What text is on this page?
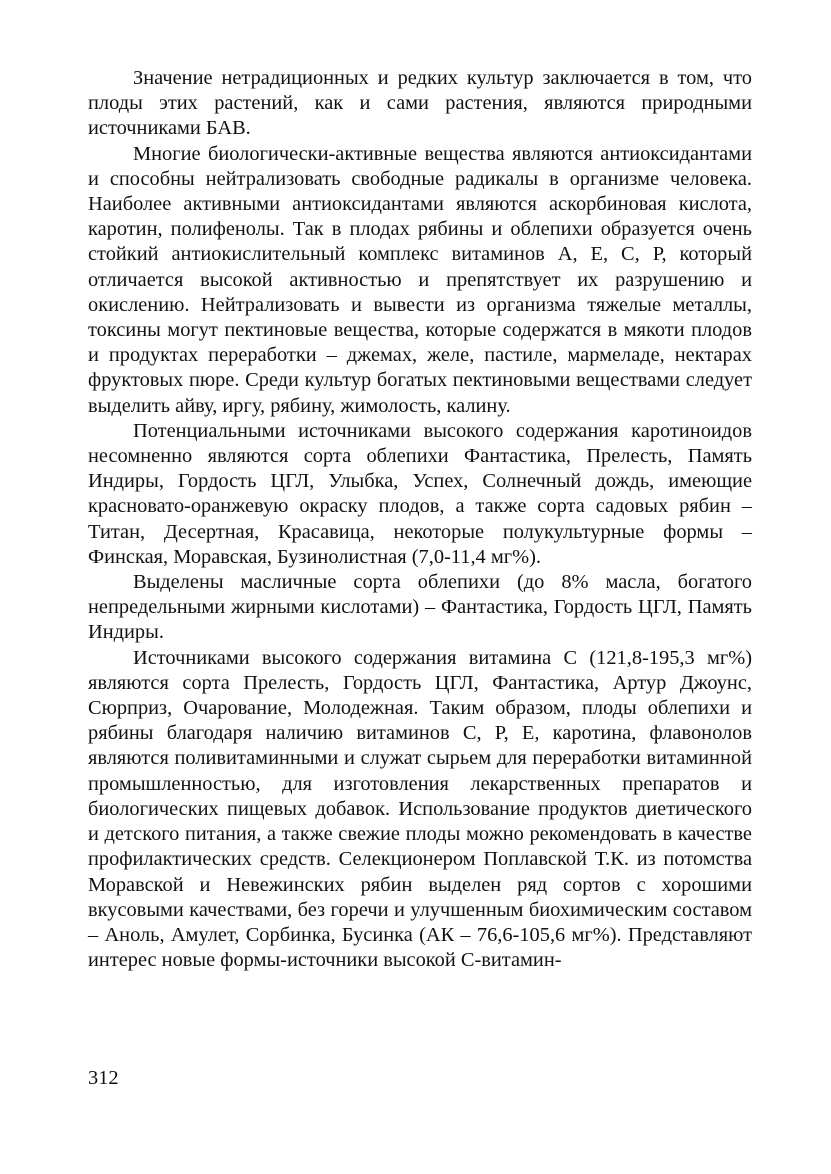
Значение нетрадиционных и редких культур заключается в том, что плоды этих растений, как и сами растения, являются природными источниками БАВ.

Многие биологически-активные вещества являются антиоксидантами и способны нейтрализовать свободные радикалы в организме человека. Наиболее активными антиоксидантами являются аскорбиновая кислота, каротин, полифенолы. Так в плодах рябины и облепихи образуется очень стойкий антиокислительный комплекс витаминов А, Е, С, Р, который отличается высокой активностью и препятствует их разрушению и окислению. Нейтрализовать и вывести из организма тяжелые металлы, токсины могут пектиновые вещества, которые содержатся в мякоти плодов и продуктах переработки – джемах, желе, пастиле, мармеладе, нектарах фруктовых пюре. Среди культур богатых пектиновыми веществами следует выделить айву, иргу, рябину, жимолость, калину.

Потенциальными источниками высокого содержания каротиноидов несомненно являются сорта облепихи Фантастика, Прелесть, Память Индиры, Гордость ЦГЛ, Улыбка, Успех, Солнечный дождь, имеющие красновато-оранжевую окраску плодов, а также сорта садовых рябин – Титан, Десертная, Красавица, некоторые полукультурные формы – Финская, Моравская, Бузинолистная (7,0-11,4 мг%).

Выделены масличные сорта облепихи (до 8% масла, богатого непредельными жирными кислотами) – Фантастика, Гордость ЦГЛ, Память Индиры.

Источниками высокого содержания витамина С (121,8-195,3 мг%) являются сорта Прелесть, Гордость ЦГЛ, Фантастика, Артур Джоунс, Сюрприз, Очарование, Молодежная. Таким образом, плоды облепихи и рябины благодаря наличию витаминов С, Р, Е, каротина, флавонолов являются поливитаминными и служат сырьем для переработки витаминной промышленностью, для изготовления лекарственных препаратов и биологических пищевых добавок. Использование продуктов диетического и детского питания, а также свежие плоды можно рекомендовать в качестве профилактических средств. Селекционером Поплавской Т.К. из потомства Моравской и Невежинских рябин выделен ряд сортов с хорошими вкусовыми качествами, без горечи и улучшенным биохимическим составом – Аноль, Амулет, Сорбинка, Бусинка (АК – 76,6-105,6 мг%). Представляют интерес новые формы-источники высокой С-витамин-

312
